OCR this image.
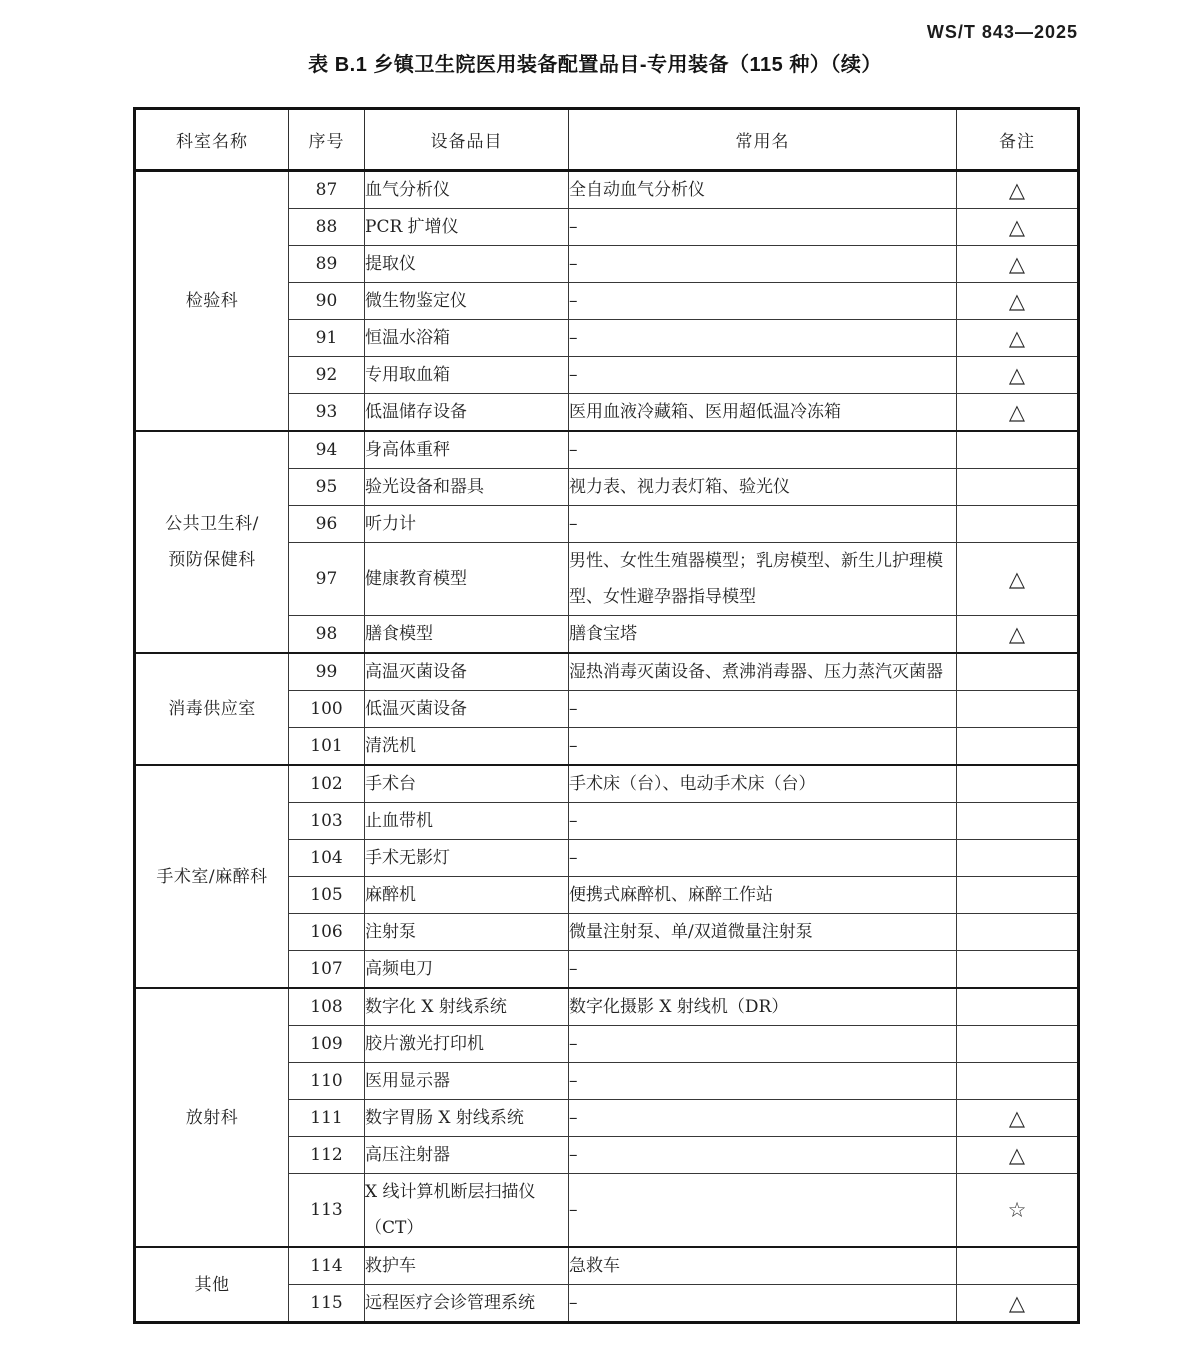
WS/T 843—2025
表 B.1 乡镇卫生院医用装备配置品目-专用装备（115 种）（续）
科室名称	序号	设备品目	常用名	备注
检验科	87	血气分析仪	全自动血气分析仪	△
	88	PCR 扩增仪	–	△
	89	提取仪	–	△
	90	微生物鉴定仪	–	△
	91	恒温水浴箱	–	△
	92	专用取血箱	–	△
	93	低温储存设备	医用血液冷藏箱、医用超低温冷冻箱	△
公共卫生科/
预防保健科	94	身高体重秤	–	
	95	验光设备和器具	视力表、视力表灯箱、验光仪	
	96	听力计	–	
	97	健康教育模型	男性、女性生殖器模型；乳房模型、新生儿护理模型、女性避孕器指导模型	△
	98	膳食模型	膳食宝塔	△
消毒供应室	99	高温灭菌设备	湿热消毒灭菌设备、煮沸消毒器、压力蒸汽灭菌器	
	100	低温灭菌设备	–	
	101	清洗机	–	
手术室/麻醉科	102	手术台	手术床（台）、电动手术床（台）	
	103	止血带机	–	
	104	手术无影灯	–	
	105	麻醉机	便携式麻醉机、麻醉工作站	
	106	注射泵	微量注射泵、单/双道微量注射泵	
	107	高频电刀	–	
放射科	108	数字化 X 射线系统	数字化摄影 X 射线机（DR）	
	109	胶片激光打印机	–	
	110	医用显示器	–	
	111	数字胃肠 X 射线系统	–	△
	112	高压注射器	–	△
	113	X 线计算机断层扫描仪（CT）	–	☆
其他	114	救护车	急救车	
	115	远程医疗会诊管理系统	–	△
